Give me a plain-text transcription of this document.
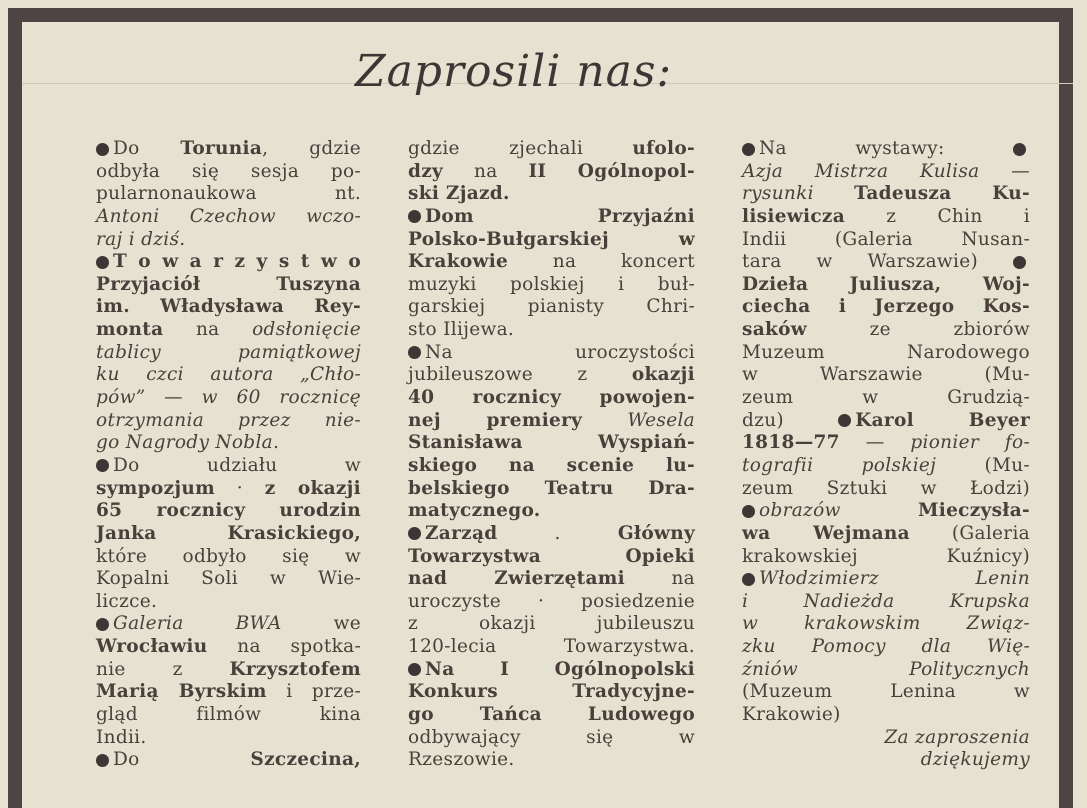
Zaprosili nas:
Do Torunia, gdzie
odbyła się sesja po-
pularnonaukowa nt.
Antoni Czechow wczo-
raj i dziś.
T o w a r z y s t w o
Przyjaciół Tuszyna
im. Władysława Rey-
monta na odsłonięcie
tablicy pamiątkowej
ku czci autora „Chło-
pów” — w 60 rocznicę
otrzymania przez nie-
go Nagrody Nobla.
Do udziału w
sympozjum · z okazji
65 rocznicy urodzin
Janka Krasickiego,
które odbyło się w
Kopalni Soli w Wie-
liczce.
Galeria BWA we
Wrocławiu na spotka-
nie z Krzysztofem
Marią Byrskim i prze-
gląd filmów kina
Indii.
Do Szczecina,
gdzie zjechali ufolo-
dzy na II Ogólnopol-
ski Zjazd.
Dom Przyjaźni
Polsko-Bułgarskiej w
Krakowie na koncert
muzyki polskiej i buł-
garskiej pianisty Chri-
sto Ilijewa.
Na uroczystości
jubileuszowe z okazji
40 rocznicy powojen-
nej premiery Wesela
Stanisława Wyspiań-
skiego na scenie lu-
belskiego Teatru Dra-
matycznego.
Zarząd . Główny
Towarzystwa Opieki
nad Zwierzętami na
uroczyste · posiedzenie
z okazji jubileuszu
120-lecia Towarzystwa.
Na I Ogólnopolski
Konkurs Tradycyjne-
go Tańca Ludowego
odbywający się w
Rzeszowie.
Na wystawy:
Azja Mistrza Kulisa —
rysunki Tadeusza Ku-
lisiewicza z Chin i
Indii (Galeria Nusan-
tara w Warszawie)
Dzieła Juliusza, Woj-
ciecha i Jerzego Kos-
saków ze zbiorów
Muzeum Narodowego
w Warszawie (Mu-
zeum w Grudzią-
dzu) Karol Beyer
1818—77 — pionier fo-
tografii polskiej (Mu-
zeum Sztuki w Łodzi)
obrazów	Mieczysła-
wa Wejmana (Galeria
krakowskiej Kuźnicy)
Włodzimierz Lenin
i Nadieżda Krupska
w krakowskim Związ-
zku Pomocy dla Wię-
źniów Politycznych
(Muzeum Lenina w
Krakowie)
Za zaproszenia
dziękujemy
